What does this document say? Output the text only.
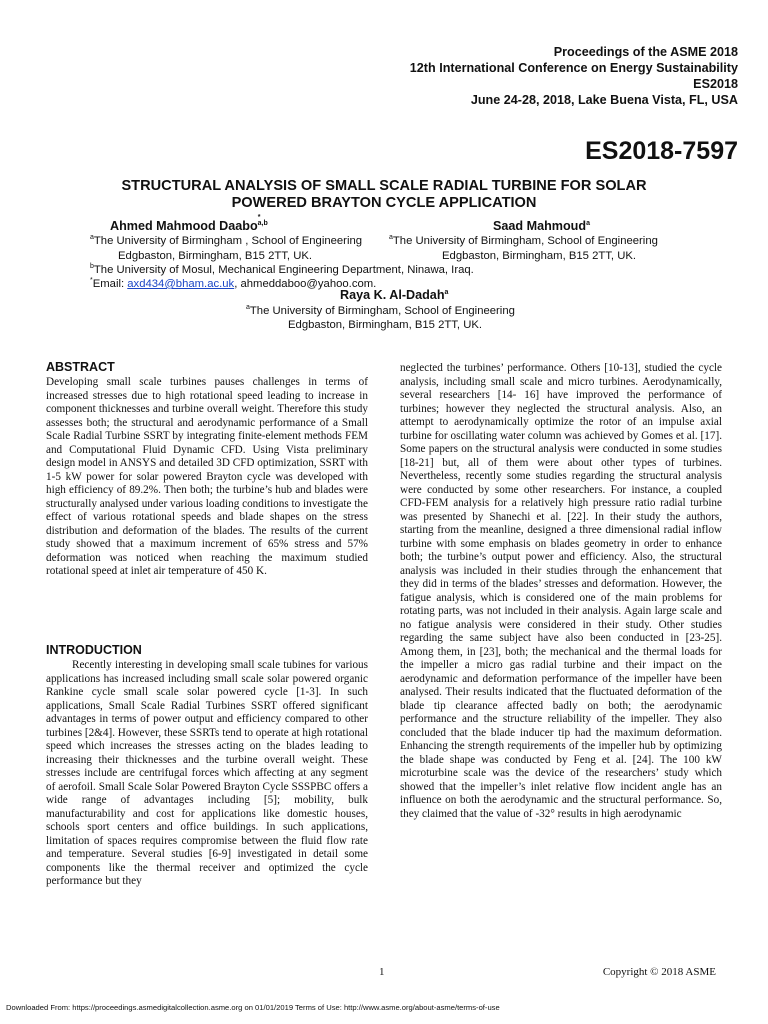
Proceedings of the ASME 2018
12th International Conference on Energy Sustainability
ES2018
June 24-28, 2018, Lake Buena Vista, FL, USA
ES2018-7597
STRUCTURAL ANALYSIS OF SMALL SCALE RADIAL TURBINE FOR SOLAR
POWERED BRAYTON CYCLE APPLICATION
Ahmed Mahmood Daabo$^{a,b*}$
Saad Mahmoud$^a$
$^a$The University of Birmingham , School of Engineering
Edgbaston, Birmingham, B15 2TT, UK.
$^a$The University of Birmingham, School of Engineering
Edgbaston, Birmingham, B15 2TT, UK.
$^b$The University of Mosul, Mechanical Engineering Department, Ninawa, Iraq.
*Email: axd434@bham.ac.uk, ahmeddaboo@yahoo.com.
Raya K. Al-Dadah$^a$
$^a$The University of Birmingham, School of Engineering
Edgbaston, Birmingham, B15 2TT, UK.
ABSTRACT

Developing small scale turbines pauses challenges in terms of increased stresses due to high rotational speed leading to increase in component thicknesses and turbine overall weight. Therefore this study assesses both; the structural and aerodynamic performance of a Small Scale Radial Turbine SSRT by integrating finite-element methods FEM and Computational Fluid Dynamic CFD. Using Vista preliminary design model in ANSYS and detailed 3D CFD optimization, SSRT with 1-5 kW power for solar powered Brayton cycle was developed with high efficiency of 89.2%. Then both; the turbine’s hub and blades were structurally analysed under various loading conditions to investigate the effect of various rotational speeds and blade shapes on the stress distribution and deformation of the blades. The results of the current study showed that a maximum increment of 65% stress and 57% deformation was noticed when reaching the maximum studied rotational speed at inlet air temperature of 450 K.

INTRODUCTION

Recently interesting in developing small scale tubines for various applications has increased including small scale solar powered organic Rankine cycle small scale solar powered cycle [1-3]. In such applications, Small Scale Radial Turbines SSRT offered significant advantages in terms of power output and efficiency compared to other turbines [2&4]. However, these SSRTs tend to operate at high rotational speed which increases the stresses acting on the blades leading to increasing their thicknesses and the turbine overall weight. These stresses include are centrifugal forces which affecting at any segment of aerofoil. Small Scale Solar Powered Brayton Cycle SSSPBC offers a wide range of advantages including [5]; mobility, bulk manufacturability and cost for applications like domestic houses, schools sport centers and office buildings. In such applications, limitation of spaces requires compromise between the fluid flow rate and temperature. Several studies [6-9] investigated in detail some components like the thermal receiver and optimized the cycle performance but they

neglected the turbines’ performance. Others [10-13], studied the cycle analysis, including small scale and micro turbines. Aerodynamically, several researchers [14- 16] have improved the performance of turbines; however they neglected the structural analysis. Also, an attempt to aerodynamically optimize the rotor of an impulse axial turbine for oscillating water column was achieved by Gomes et al. [17]. Some papers on the structural analysis were conducted in some studies [18-21] but, all of them were about other types of turbines. Nevertheless, recently some studies regarding the structural analysis were conducted by some other researchers. For instance, a coupled CFD-FEM analysis for a relatively high pressure ratio radial turbine was presented by Shanechi et al. [22]. In their study the authors, starting from the meanline, designed a three dimensional radial inflow turbine with some emphasis on blades geometry in order to enhance both; the turbine’s output power and efficiency. Also, the structural analysis was included in their studies through the enhancement that they did in terms of the blades’ stresses and deformation. However, the fatigue analysis, which is considered one of the main problems for rotating parts, was not included in their analysis. Again large scale and no fatigue analysis were considered in their study. Other studies regarding the same subject have also been conducted in [23-25]. Among them, in [23], both; the mechanical and the thermal loads for the impeller a micro gas radial turbine and their impact on the aerodynamic and deformation performance of the impeller have been analysed. Their results indicated that the fluctuated deformation of the blade tip clearance affected badly on both; the aerodynamic performance and the structure reliability of the impeller. They also concluded that the blade inducer tip had the maximum deformation. Enhancing the strength requirements of the impeller hub by optimizing the blade shape was conducted by Feng et al. [24]. The 100 kW microturbine scale was the device of the researchers’ study which showed that the impeller’s inlet relative flow incident angle has an influence on both the aerodynamic and the structural performance. So, they claimed that the value of -32° results in high aerodynamic

1	Copyright © 2018 ASME
Downloaded From: https://proceedings.asmedigitalcollection.asme.org on 01/01/2019 Terms of Use: http://www.asme.org/about-asme/terms-of-use
